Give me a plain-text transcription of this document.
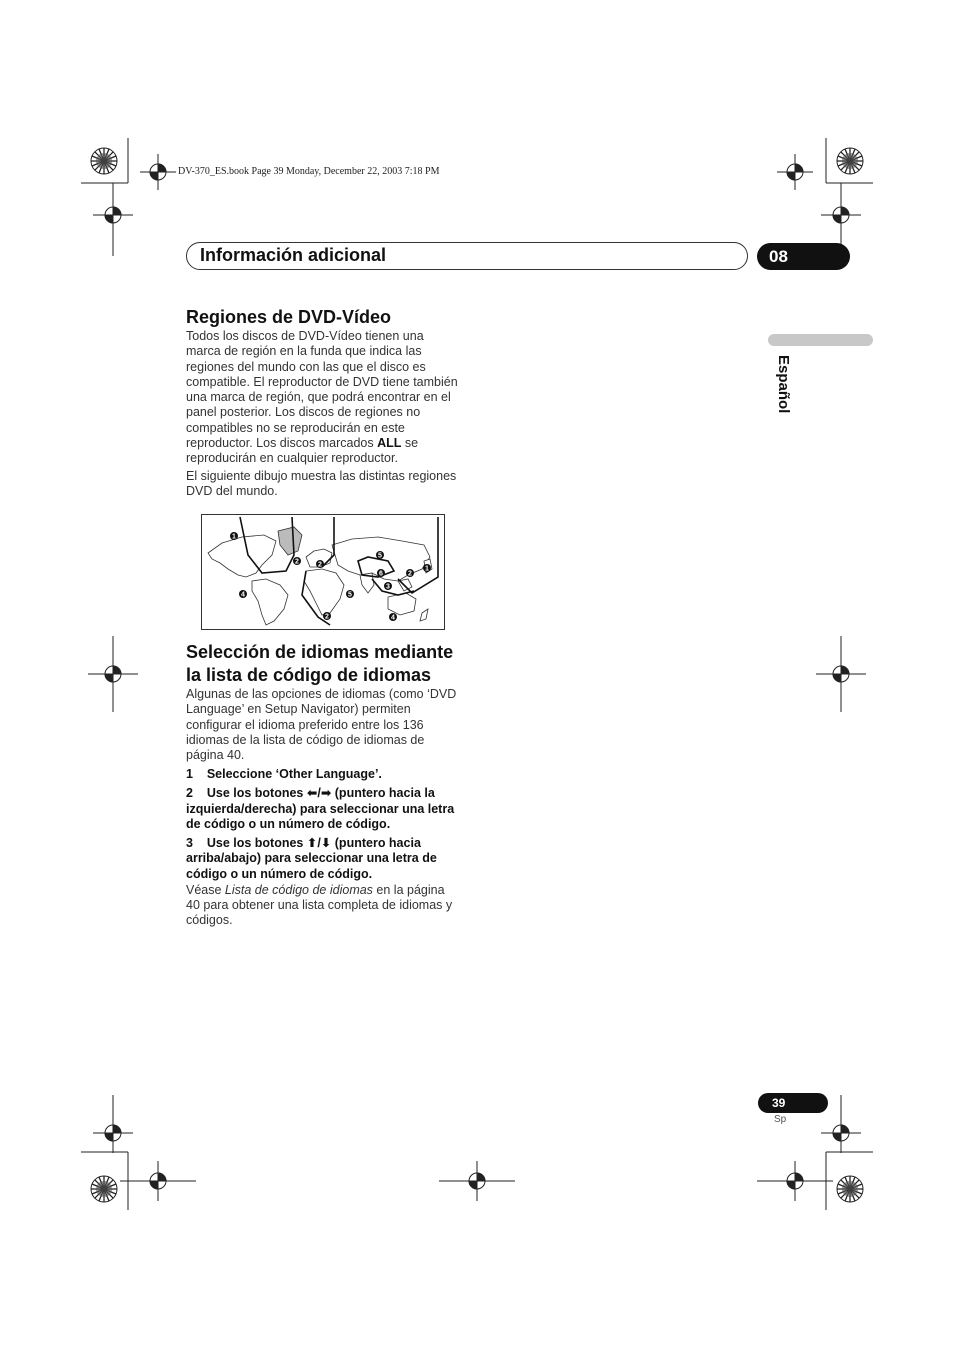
DV-370_ES.book Page 39 Monday, December 22, 2003 7:18 PM
Información adicional	08
Español
Regiones de DVD-Vídeo

Todos los discos de DVD-Vídeo tienen una marca de región en la funda que indica las regiones del mundo con las que el disco es compatible. El reproductor de DVD tiene también una marca de región, que podrá encontrar en el panel posterior. Los discos de regiones no compatibles no se reproducirán en este reproductor. Los discos marcados ALL se reproducirán en cualquier reproductor.

El siguiente dibujo muestra las distintas regiones DVD del mundo.

1
2
4
2
5
6	2
1
3
5
2	4
Selección de idiomas mediante
la lista de código de idiomas

Algunas de las opciones de idiomas (como ‘DVD Language’ en Setup Navigator) permiten configurar el idioma preferido entre los 136 idiomas de la lista de código de idiomas de página 40.

1    Seleccione ‘Other Language’.

2    Use los botones ⬅/➡ (puntero hacia la izquierda/derecha) para seleccionar una letra de código o un número de código.

3    Use los botones ⬆/⬇ (puntero hacia arriba/abajo) para seleccionar una letra de código o un número de código.

Véase Lista de código de idiomas en la página 40 para obtener una lista completa de idiomas y códigos.

39
Sp
